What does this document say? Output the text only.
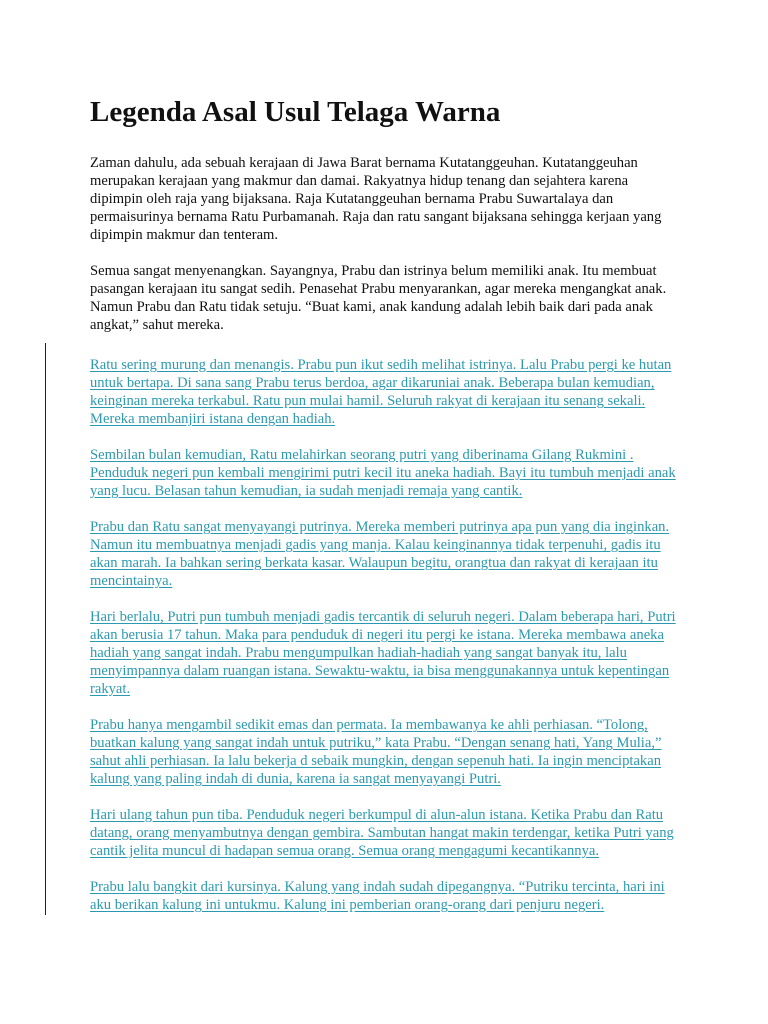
Legenda Asal Usul Telaga Warna

Zaman dahulu, ada sebuah kerajaan di Jawa Barat bernama Kutatanggeuhan. Kutatanggeuhan merupakan kerajaan yang makmur dan damai. Rakyatnya hidup tenang dan sejahtera karena dipimpin oleh raja yang bijaksana. Raja Kutatanggeuhan bernama Prabu Suwartalaya dan permaisurinya bernama Ratu Purbamanah. Raja dan ratu sangant bijaksana sehingga kerjaan yang dipimpin makmur dan tenteram.

Semua sangat menyenangkan. Sayangnya, Prabu dan istrinya belum memiliki anak. Itu membuat pasangan kerajaan itu sangat sedih. Penasehat Prabu menyarankan, agar mereka mengangkat anak. Namun Prabu dan Ratu tidak setuju. “Buat kami, anak kandung adalah lebih baik dari pada anak angkat,” sahut mereka.

Ratu sering murung dan menangis. Prabu pun ikut sedih melihat istrinya. Lalu Prabu pergi ke hutan untuk bertapa. Di sana sang Prabu terus berdoa, agar dikaruniai anak. Beberapa bulan kemudian, keinginan mereka terkabul. Ratu pun mulai hamil. Seluruh rakyat di kerajaan itu senang sekali. Mereka membanjiri istana dengan hadiah.

Sembilan bulan kemudian, Ratu melahirkan seorang putri yang diberinama Gilang Rukmini . Penduduk negeri pun kembali mengirimi putri kecil itu aneka hadiah. Bayi itu tumbuh menjadi anak yang lucu. Belasan tahun kemudian, ia sudah menjadi remaja yang cantik.

Prabu dan Ratu sangat menyayangi putrinya. Mereka memberi putrinya apa pun yang dia inginkan. Namun itu membuatnya menjadi gadis yang manja. Kalau keinginannya tidak terpenuhi, gadis itu akan marah. Ia bahkan sering berkata kasar. Walaupun begitu, orangtua dan rakyat di kerajaan itu mencintainya.

Hari berlalu, Putri pun tumbuh menjadi gadis tercantik di seluruh negeri. Dalam beberapa hari, Putri akan berusia 17 tahun. Maka para penduduk di negeri itu pergi ke istana. Mereka membawa aneka hadiah yang sangat indah. Prabu mengumpulkan hadiah-hadiah yang sangat banyak itu, lalu menyimpannya dalam ruangan istana. Sewaktu-waktu, ia bisa menggunakannya untuk kepentingan rakyat.

Prabu hanya mengambil sedikit emas dan permata. Ia membawanya ke ahli perhiasan. “Tolong, buatkan kalung yang sangat indah untuk putriku,” kata Prabu. “Dengan senang hati, Yang Mulia,” sahut ahli perhiasan. Ia lalu bekerja d sebaik mungkin, dengan sepenuh hati. Ia ingin menciptakan kalung yang paling indah di dunia, karena ia sangat menyayangi Putri.

Hari ulang tahun pun tiba. Penduduk negeri berkumpul di alun-alun istana. Ketika Prabu dan Ratu datang, orang menyambutnya dengan gembira. Sambutan hangat makin terdengar, ketika Putri yang cantik jelita muncul di hadapan semua orang. Semua orang mengagumi kecantikannya.

Prabu lalu bangkit dari kursinya. Kalung yang indah sudah dipegangnya. “Putriku tercinta, hari ini aku berikan kalung ini untukmu. Kalung ini pemberian orang-orang dari penjuru negeri.
